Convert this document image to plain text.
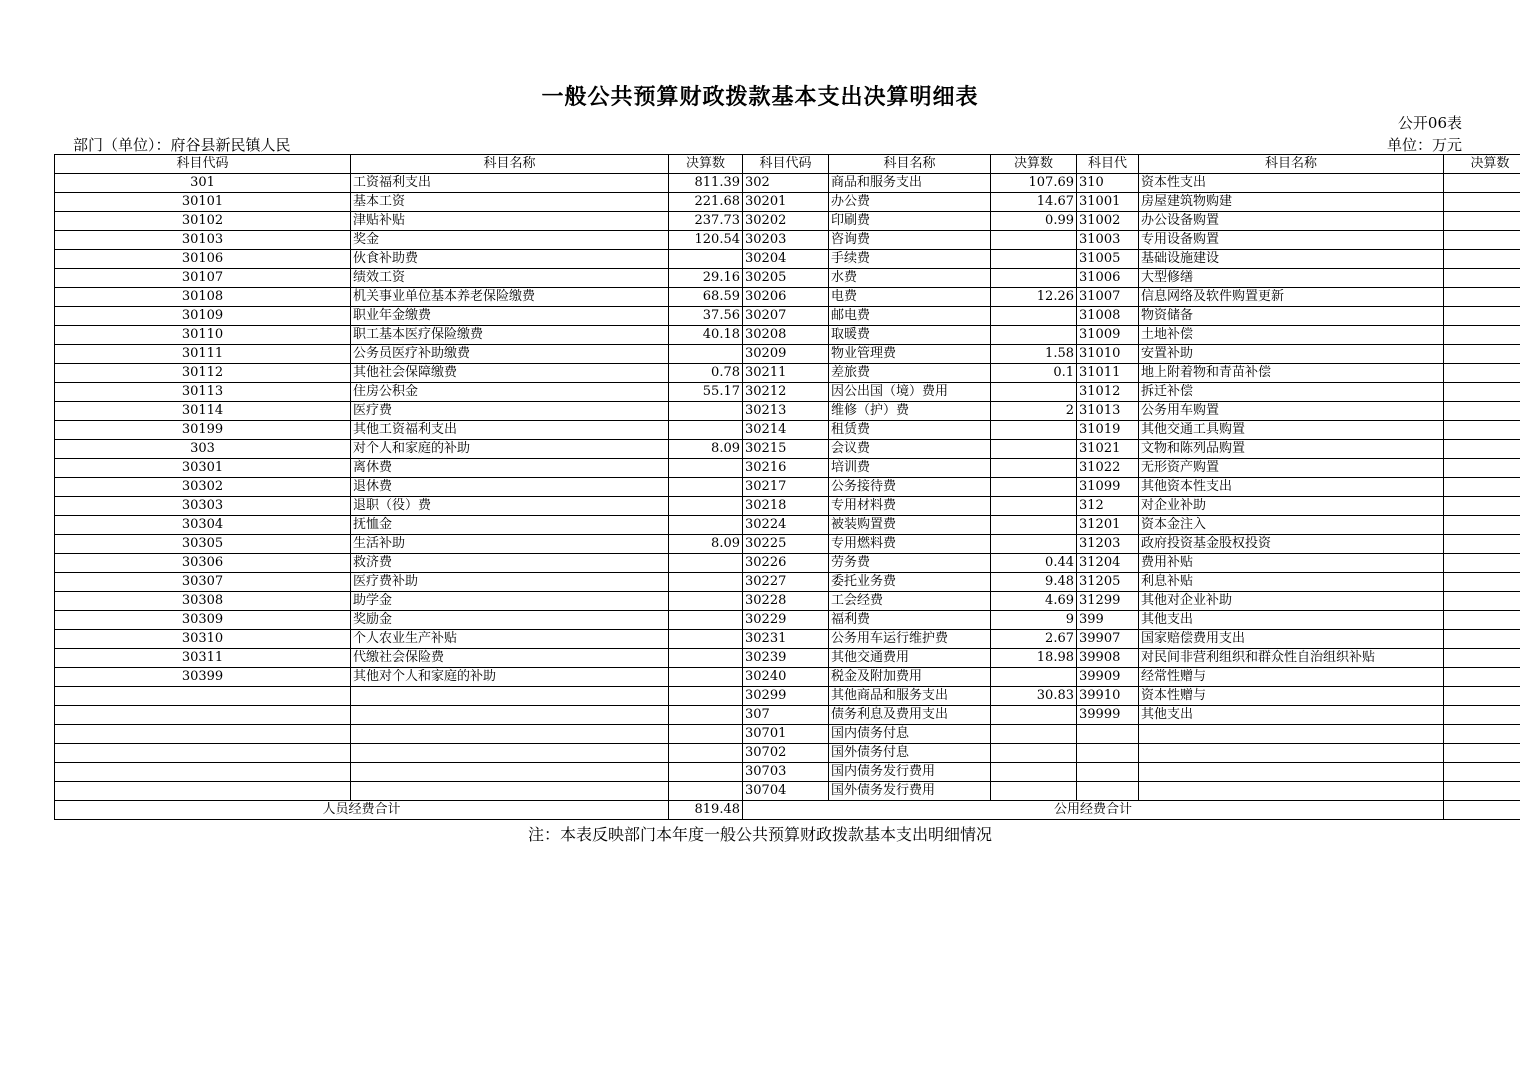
一般公共预算财政拨款基本支出决算明细表
公开06表
部门（单位）：府谷县新民镇人民	单位：万元
科目代码	科目名称	决算数	科目代码	科目名称	决算数	科目代	科目名称	决算数
301	工资福利支出	811.39	302	商品和服务支出	107.69	310	资本性支出	
30101	基本工资	221.68	30201	办公费	14.67	31001	房屋建筑物购建	
30102	津贴补贴	237.73	30202	印刷费	0.99	31002	办公设备购置	
30103	奖金	120.54	30203	咨询费		31003	专用设备购置	
30106	伙食补助费		30204	手续费		31005	基础设施建设	
30107	绩效工资	29.16	30205	水费		31006	大型修缮	
30108	机关事业单位基本养老保险缴费	68.59	30206	电费	12.26	31007	信息网络及软件购置更新	
30109	职业年金缴费	37.56	30207	邮电费		31008	物资储备	
30110	职工基本医疗保险缴费	40.18	30208	取暖费		31009	土地补偿	
30111	公务员医疗补助缴费		30209	物业管理费	1.58	31010	安置补助	
30112	其他社会保障缴费	0.78	30211	差旅费	0.1	31011	地上附着物和青苗补偿	
30113	住房公积金	55.17	30212	因公出国（境）费用		31012	拆迁补偿	
30114	医疗费		30213	维修（护）费	2	31013	公务用车购置	
30199	其他工资福利支出		30214	租赁费		31019	其他交通工具购置	
303	对个人和家庭的补助	8.09	30215	会议费		31021	文物和陈列品购置	
30301	离休费		30216	培训费		31022	无形资产购置	
30302	退休费		30217	公务接待费		31099	其他资本性支出	
30303	退职（役）费		30218	专用材料费		312	对企业补助	
30304	抚恤金		30224	被装购置费		31201	资本金注入	
30305	生活补助	8.09	30225	专用燃料费		31203	政府投资基金股权投资	
30306	救济费		30226	劳务费	0.44	31204	费用补贴	
30307	医疗费补助		30227	委托业务费	9.48	31205	利息补贴	
30308	助学金		30228	工会经费	4.69	31299	其他对企业补助	
30309	奖励金		30229	福利费	9	399	其他支出	
30310	个人农业生产补贴		30231	公务用车运行维护费	2.67	39907	国家赔偿费用支出	
30311	代缴社会保险费		30239	其他交通费用	18.98	39908	对民间非营利组织和群众性自治组织补贴	
30399	其他对个人和家庭的补助		30240	税金及附加费用		39909	经常性赠与	
			30299	其他商品和服务支出	30.83	39910	资本性赠与	
			307	债务利息及费用支出		39999	其他支出	
			30701	国内债务付息				
			30702	国外债务付息				
			30703	国内债务发行费用				
			30704	国外债务发行费用				
人员经费合计		819.48	公用经费合计					
注：本表反映部门本年度一般公共预算财政拨款基本支出明细情况
